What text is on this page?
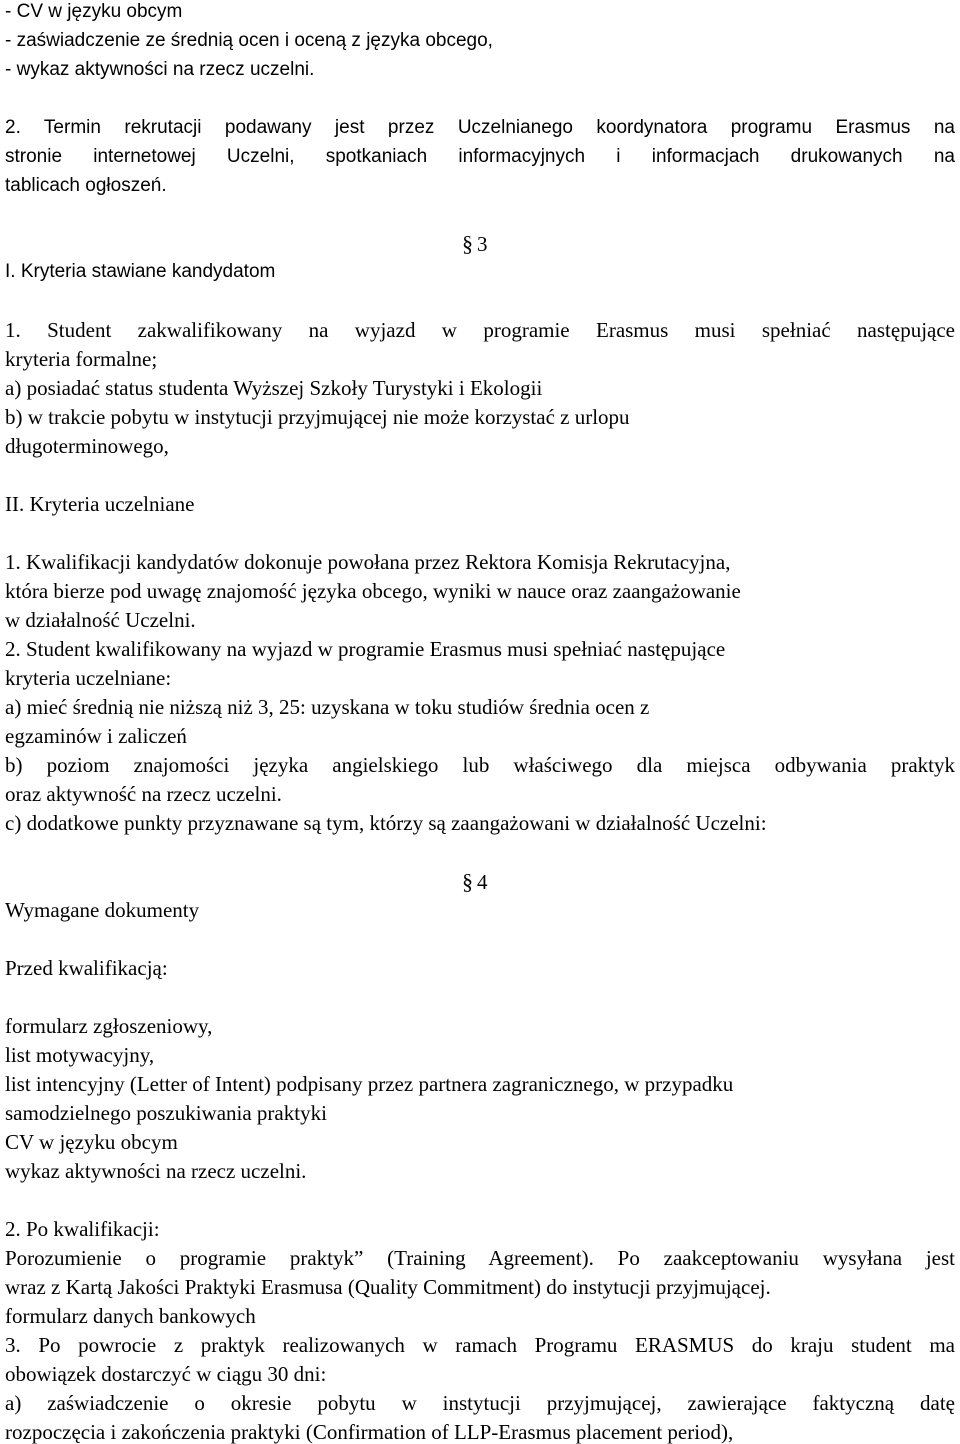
- CV w języku obcym
- zaświadczenie ze średnią ocen i oceną z języka obcego,
- wykaz aktywności na rzecz uczelni.
2. Termin rekrutacji podawany jest przez Uczelnianego koordynatora programu Erasmus na
stronie internetowej Uczelni, spotkaniach informacyjnych i informacjach drukowanych na
tablicach ogłoszeń.
§ 3
I. Kryteria stawiane kandydatom
1. Student zakwalifikowany na wyjazd w programie Erasmus musi spełniać następujące
kryteria formalne;
a) posiadać status studenta Wyższej Szkoły Turystyki i Ekologii
b) w trakcie pobytu w instytucji przyjmującej nie może korzystać z urlopu
długoterminowego,
II. Kryteria uczelniane
1. Kwalifikacji kandydatów dokonuje powołana przez Rektora Komisja Rekrutacyjna,
która bierze pod uwagę znajomość języka obcego, wyniki w nauce oraz zaangażowanie
w działalność Uczelni.
2. Student kwalifikowany na wyjazd w programie Erasmus musi spełniać następujące
kryteria uczelniane:
a) mieć średnią nie niższą niż 3, 25: uzyskana w toku studiów średnia ocen z
egzaminów i zaliczeń
b) poziom znajomości języka angielskiego lub właściwego dla miejsca odbywania praktyk
oraz aktywność na rzecz uczelni.
c) dodatkowe punkty przyznawane są tym, którzy są zaangażowani w działalność Uczelni:
§ 4
Wymagane dokumenty
Przed kwalifikacją:
formularz zgłoszeniowy,
list motywacyjny,
list intencyjny (Letter of Intent) podpisany przez partnera zagranicznego, w przypadku
samodzielnego poszukiwania praktyki
CV w języku obcym
wykaz aktywności na rzecz uczelni.
2. Po kwalifikacji:
Porozumienie o programie praktyk” (Training Agreement). Po zaakceptowaniu wysyłana jest
wraz z Kartą Jakości Praktyki Erasmusa (Quality Commitment) do instytucji przyjmującej.
formularz danych bankowych
3. Po powrocie z praktyk realizowanych w ramach Programu ERASMUS do kraju student ma
obowiązek dostarczyć w ciągu 30 dni:
a) zaświadczenie o okresie pobytu w instytucji przyjmującej, zawierające faktyczną datę
rozpoczęcia i zakończenia praktyki (Confirmation of LLP-Erasmus placement period),
